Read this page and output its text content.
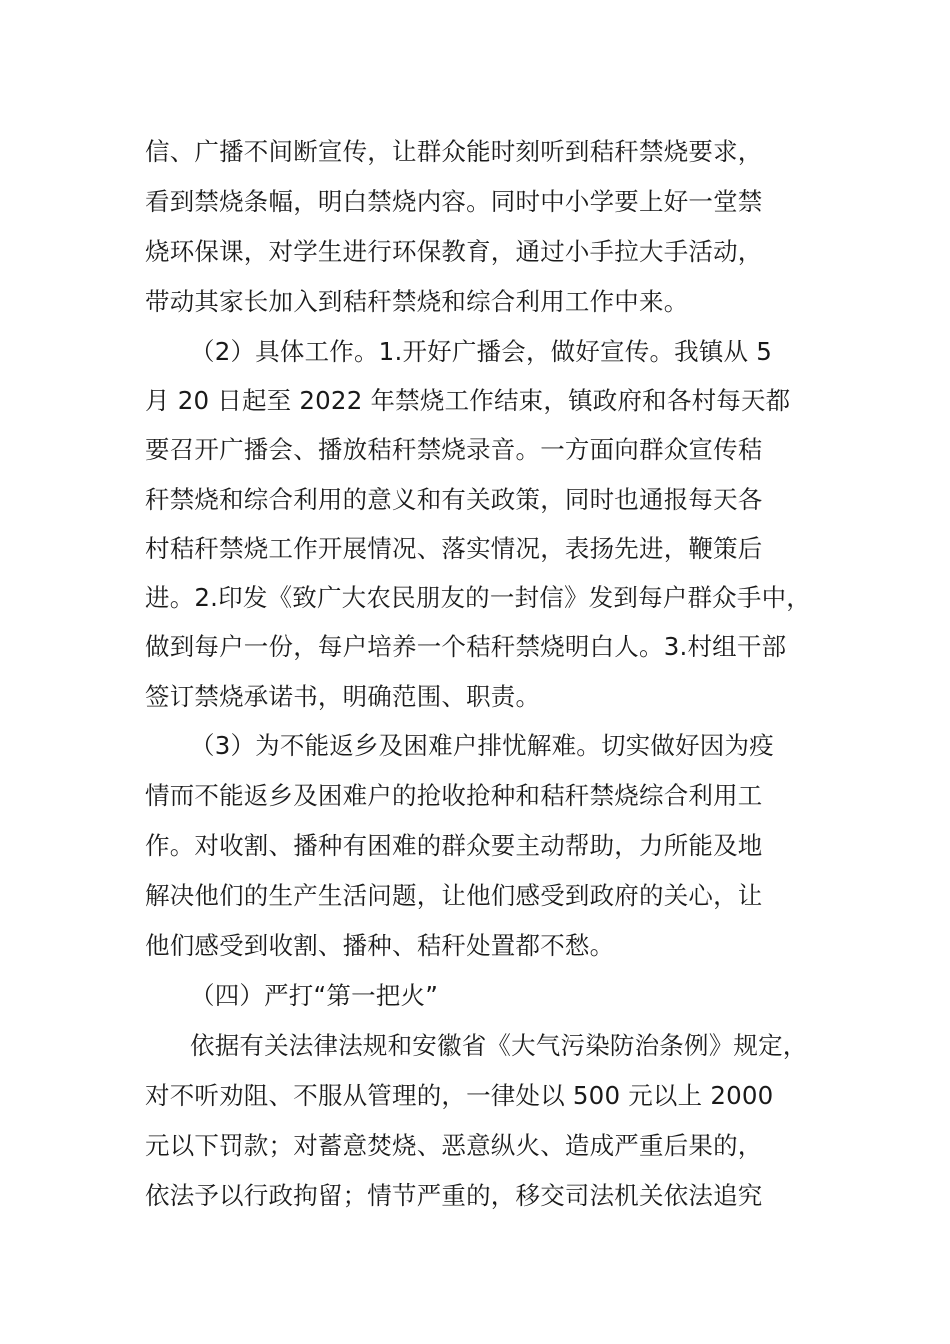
信、广播不间断宣传，让群众能时刻听到秸秆禁烧要求，
看到禁烧条幅，明白禁烧内容。同时中小学要上好一堂禁
烧环保课，对学生进行环保教育，通过小手拉大手活动，
带动其家长加入到秸秆禁烧和综合利用工作中来。
（2）具体工作。1.开好广播会，做好宣传。我镇从 5
月 20 日起至 2022 年禁烧工作结束，镇政府和各村每天都
要召开广播会、播放秸秆禁烧录音。一方面向群众宣传秸
秆禁烧和综合利用的意义和有关政策，同时也通报每天各
村秸秆禁烧工作开展情况、落实情况，表扬先进，鞭策后
进。2.印发《致广大农民朋友的一封信》发到每户群众手中，
做到每户一份，每户培养一个秸秆禁烧明白人。3.村组干部
签订禁烧承诺书，明确范围、职责。
（3）为不能返乡及困难户排忧解难。切实做好因为疫
情而不能返乡及困难户的抢收抢种和秸秆禁烧综合利用工
作。对收割、播种有困难的群众要主动帮助，力所能及地
解决他们的生产生活问题，让他们感受到政府的关心，让
他们感受到收割、播种、秸秆处置都不愁。
（四）严打“第一把火”
依据有关法律法规和安徽省《大气污染防治条例》规定，
对不听劝阻、不服从管理的，一律处以 500 元以上 2000
元以下罚款；对蓄意焚烧、恶意纵火、造成严重后果的，
依法予以行政拘留；情节严重的，移交司法机关依法追究
